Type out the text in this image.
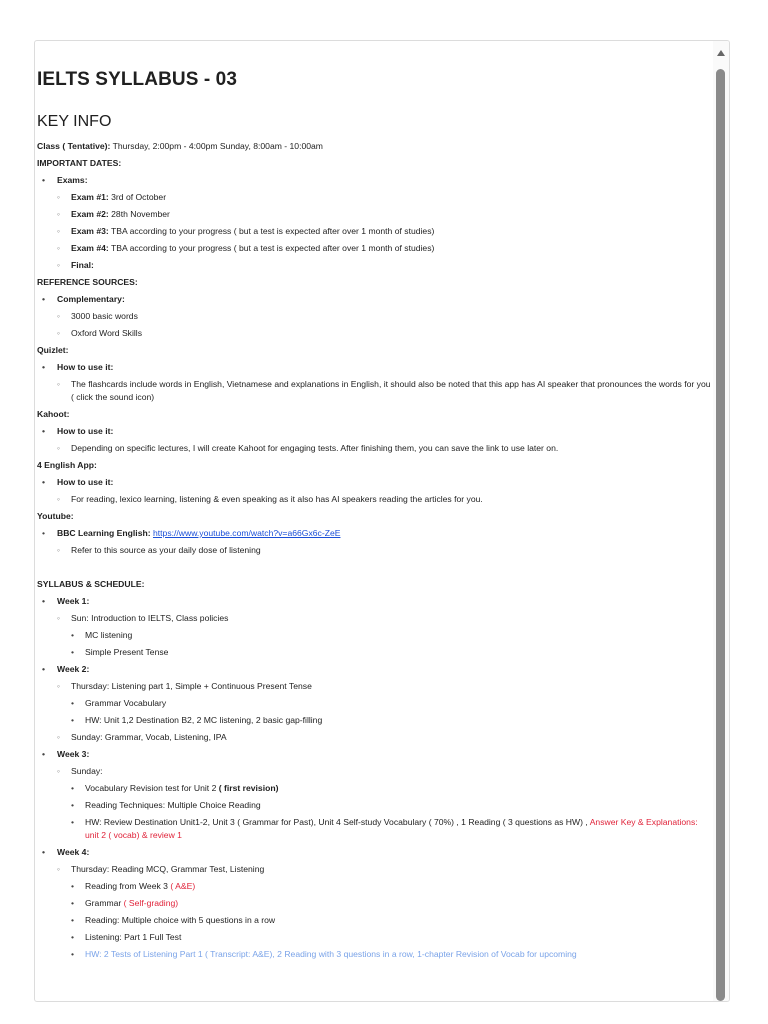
IELTS SYLLABUS - 03
KEY INFO

Class ( Tentative): Thursday, 2:00pm - 4:00pm Sunday, 8:00am - 10:00am

IMPORTANT DATES:

• Exams:
◦ Exam #1: 3rd of October
◦ Exam #2: 28th November
◦ Exam #3: TBA according to your progress ( but a test is expected after over 1 month of studies)
◦ Exam #4: TBA according to your progress ( but a test is expected after over 1 month of studies)
◦ Final:

REFERENCE SOURCES:

• Complementary:
◦ 3000 basic words
◦ Oxford Word Skills

Quizlet:

• How to use it:
◦ The flashcards include words in English, Vietnamese and explanations in English, it should also be noted that this app has AI speaker that pronounces the words for you ( click the sound icon)

Kahoot:

• How to use it:
◦ Depending on specific lectures, I will create Kahoot for engaging tests. After finishing them, you can save the link to use later on.

4 English App:

• How to use it:
◦ For reading, lexico learning, listening & even speaking as it also has AI speakers reading the articles for you.

Youtube:

• BBC Learning English: https://www.youtube.com/watch?v=a66Gx6c-ZeE
◦ Refer to this source as your daily dose of listening

SYLLABUS & SCHEDULE:

• Week 1:
◦ Sun: Introduction to IELTS, Class policies
• MC listening
• Simple Present Tense
• Week 2:
◦ Thursday: Listening part 1, Simple + Continuous Present Tense
• Grammar Vocabulary
• HW: Unit 1,2 Destination B2, 2 MC listening, 2 basic gap-filling
◦ Sunday: Grammar, Vocab, Listening, IPA
• Week 3:
◦ Sunday:
• Vocabulary Revision test for Unit 2 ( first revision)
• Reading Techniques: Multiple Choice Reading
• HW: Review Destination Unit1-2, Unit 3 ( Grammar for Past), Unit 4 Self-study Vocabulary ( 70%) , 1 Reading ( 3 questions as HW) , Answer Key & Explanations: unit 2 ( vocab) & review 1
• Week 4:
◦ Thursday: Reading MCQ, Grammar Test, Listening
• Reading from Week 3 ( A&E)
• Grammar ( Self-grading)
• Reading: Multiple choice with 5 questions in a row
• Listening: Part 1 Full Test
• HW: 2 Tests of Listening Part 1 ( Transcript: A&E), 2 Reading with 3 questions in a row, 1-chapter Revision of Vocab for upcoming
